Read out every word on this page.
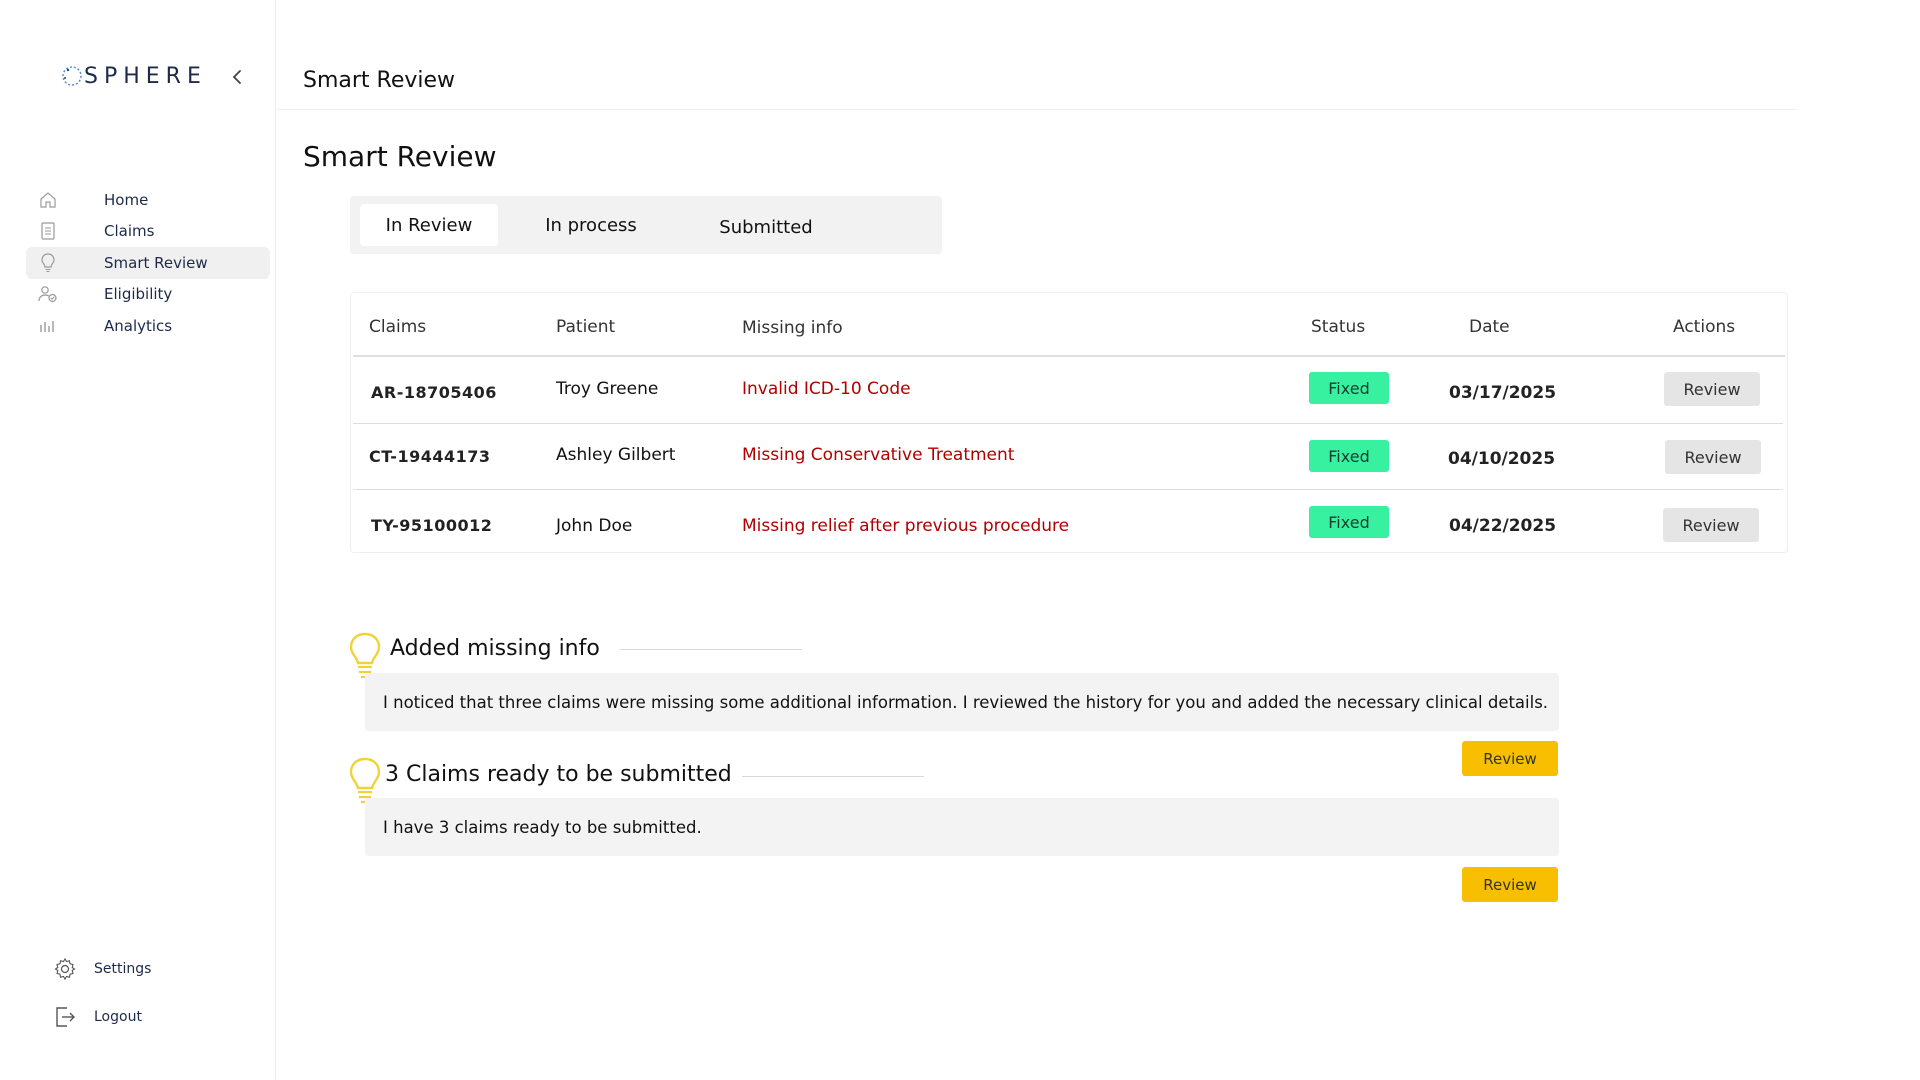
SPHERE
Home
Claims
Smart Review
Eligibility
Analytics
Settings
Logout
Smart Review
Smart Review
In Review	In process	Submitted
Claims	Patient	Missing info	Status	Date	Actions
AR-18705406	Troy Greene	Invalid ICD-10 Code	Fixed	03/17/2025	Review
CT-19444173	Ashley Gilbert	Missing Conservative Treatment	Fixed	04/10/2025	Review
TY-95100012	John Doe	Missing relief after previous procedure	Fixed	04/22/2025	Review
Added missing info
I noticed that three claims were missing some additional information. I reviewed the history for you and added the necessary clinical details.
Review
3 Claims ready to be submitted
I have 3 claims ready to be submitted.
Review
